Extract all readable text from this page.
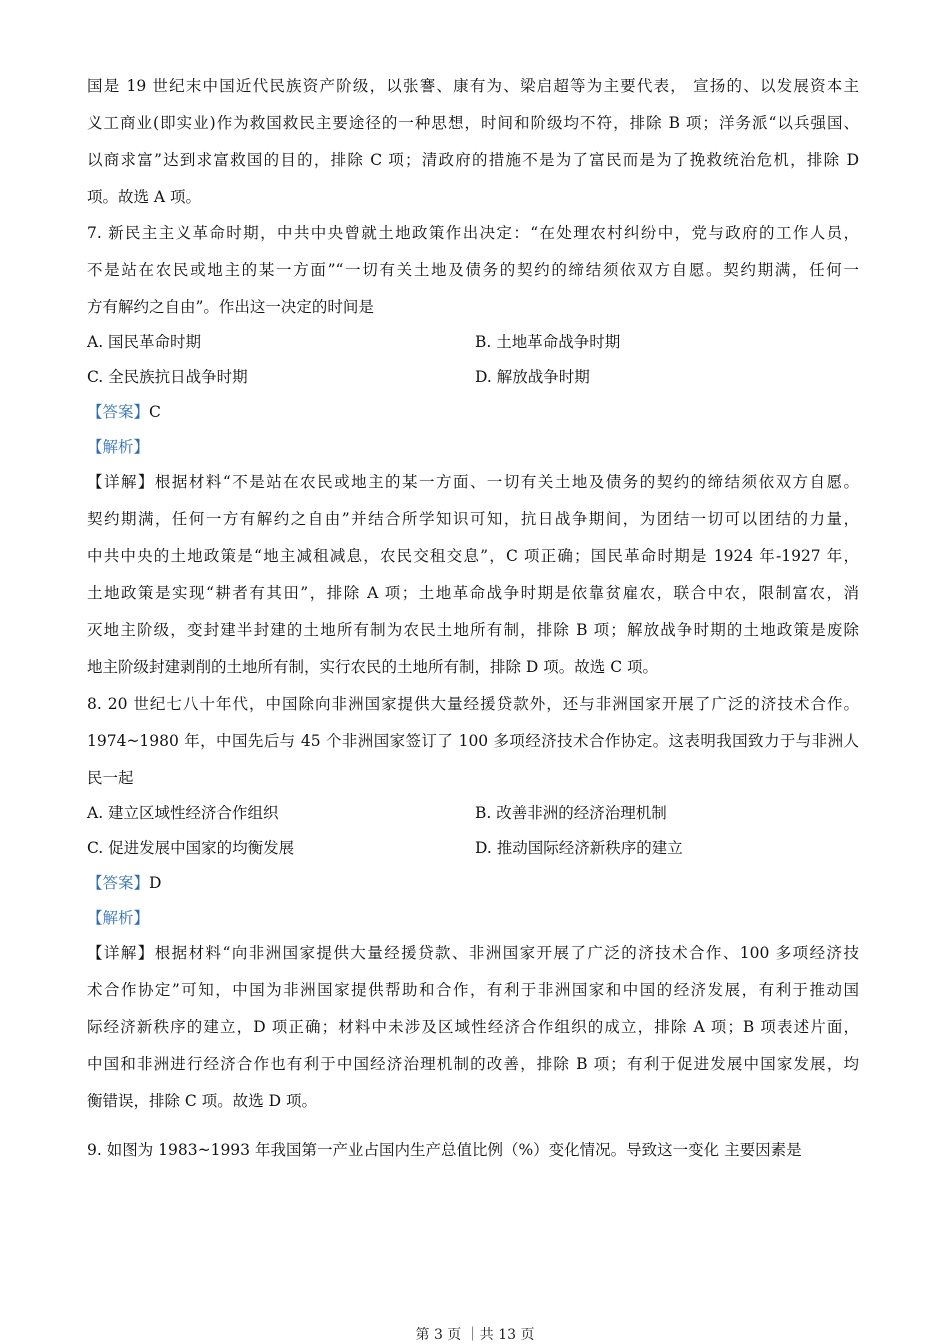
国是 19 世纪末中国近代民族资产阶级，以张謇、康有为、梁启超等为主要代表， 宣扬的、以发展资本主
义工商业(即实业)作为救国救民主要途径的一种思想，时间和阶级均不符，排除 B 项；洋务派“以兵强国、
以商求富”达到求富救国的目的，排除 C 项；清政府的措施不是为了富民而是为了挽救统治危机，排除 D
项。故选 A 项。
7. 新民主主义革命时期，中共中央曾就土地政策作出决定：“在处理农村纠纷中，党与政府的工作人员，
不是站在农民或地主的某一方面”“一切有关土地及债务的契约的缔结须依双方自愿。契约期满，任何一
方有解约之自由”。作出这一决定的时间是
A. 国民革命时期	B. 土地革命战争时期
C. 全民族抗日战争时期	D. 解放战争时期
【答案】C
【解析】
【详解】根据材料“不是站在农民或地主的某一方面、一切有关土地及债务的契约的缔结须依双方自愿。
契约期满，任何一方有解约之自由”并结合所学知识可知，抗日战争期间，为团结一切可以团结的力量，
中共中央的土地政策是“地主减租减息，农民交租交息”，C 项正确；国民革命时期是 1924 年-1927 年，
土地政策是实现“耕者有其田”，排除 A 项；土地革命战争时期是依靠贫雇农，联合中农，限制富农，消
灭地主阶级，变封建半封建的土地所有制为农民土地所有制，排除 B 项；解放战争时期的土地政策是废除
地主阶级封建剥削的土地所有制，实行农民的土地所有制，排除 D 项。故选 C 项。
8. 20 世纪七八十年代，中国除向非洲国家提供大量经援贷款外，还与非洲国家开展了广泛的济技术合作。
1974~1980 年，中国先后与 45 个非洲国家签订了 100 多项经济技术合作协定。这表明我国致力于与非洲人
民一起
A. 建立区域性经济合作组织	B. 改善非洲的经济治理机制
C. 促进发展中国家的均衡发展	D. 推动国际经济新秩序的建立
【答案】D
【解析】
【详解】根据材料“向非洲国家提供大量经援贷款、非洲国家开展了广泛的济技术合作、100 多项经济技
术合作协定”可知，中国为非洲国家提供帮助和合作，有利于非洲国家和中国的经济发展，有利于推动国
际经济新秩序的建立，D 项正确；材料中未涉及区域性经济合作组织的成立，排除 A 项；B 项表述片面，
中国和非洲进行经济合作也有利于中国经济治理机制的改善，排除 B 项；有利于促进发展中国家发展，均
衡错误，排除 C 项。故选 D 项。
9. 如图为 1983~1993 年我国第一产业占国内生产总值比例（%）变化情况。导致这一变化 主要因素是
第 3 页 ｜共 13 页
